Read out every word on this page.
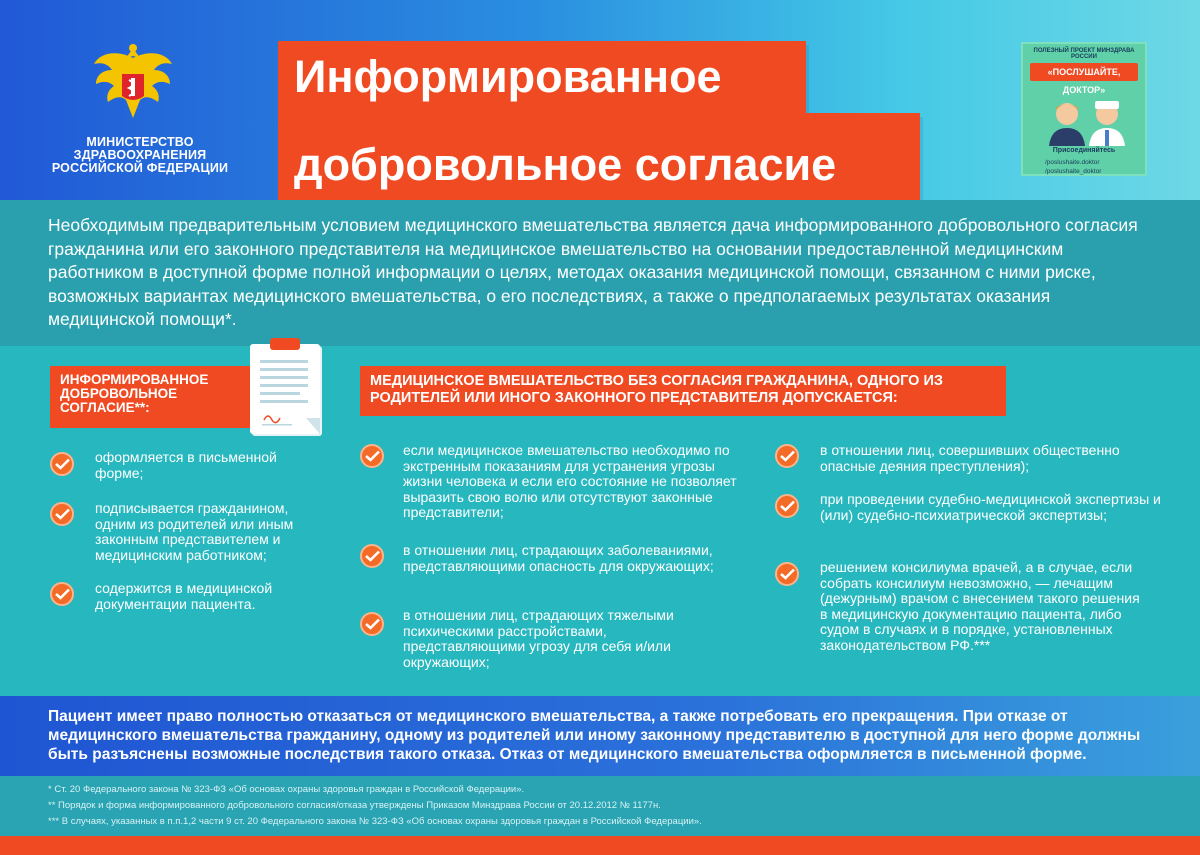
МИНИСТЕРСТВО
ЗДРАВООХРАНЕНИЯ
РОССИЙСКОЙ ФЕДЕРАЦИИ
Информированное
добровольное согласие
ПОЛЕЗНЫЙ ПРОЕКТ МИНЗДРАВА РОССИИ
«ПОСЛУШАЙТЕ, ДОКТОР»
Присоединяйтесь
/poslushaite.doktor
/poslushaite_doktor

Необходимым предварительным условием медицинского вмешательства является дача информированного добровольного согласия гражданина или его законного представителя на медицинское вмешательство на основании предоставленной медицинским работником в доступной форме полной информации о целях, методах оказания медицинской помощи, связанном с ними риске, возможных вариантах медицинского вмешательства, о его последствиях, а также о предполагаемых результатах оказания медицинской помощи*.

ИНФОРМИРОВАННОЕ ДОБРОВОЛЬНОЕ СОГЛАСИЕ**:
МЕДИЦИНСКОЕ ВМЕШАТЕЛЬСТВО БЕЗ СОГЛАСИЯ ГРАЖДАНИНА, ОДНОГО ИЗ РОДИТЕЛЕЙ ИЛИ ИНОГО ЗАКОННОГО ПРЕДСТАВИТЕЛЯ ДОПУСКАЕТСЯ:
оформляется в письменной форме;
подписывается гражданином, одним из родителей или иным законным представителем и медицинским работником;
содержится в медицинской документации пациента.
если медицинское вмешательство необходимо по экстренным показаниям для устранения угрозы жизни человека и если его состояние не позволяет выразить свою волю или отсутствуют законные представители;
в отношении лиц, страдающих заболеваниями, представляющими опасность для окружающих;
в отношении лиц, страдающих тяжелыми психическими расстройствами, представляющими угрозу для себя и/или окружающих;
в отношении лиц, совершивших общественно опасные деяния преступления);
при проведении судебно-медицинской экспертизы и (или) судебно-психиатрической экспертизы;
решением консилиума врачей, а в случае, если собрать консилиум невозможно, — лечащим (дежурным) врачом с внесением такого решения в медицинскую документацию пациента, либо судом в случаях и в порядке, установленных законодательством РФ.***

Пациент имеет право полностью отказаться от медицинского вмешательства, а также потребовать его прекращения. При отказе от медицинского вмешательства гражданину, одному из родителей или иному законному представителю в доступной для него форме должны быть разъяснены возможные последствия такого отказа. Отказ от медицинского вмешательства оформляется в письменной форме.

* Ст. 20 Федерального закона № 323-ФЗ «Об основах охраны здоровья граждан в Российской Федерации».
** Порядок и форма информированного добровольного согласия/отказа утверждены Приказом Минздрава России от 20.12.2012 № 1177н.
*** В случаях, указанных в п.п.1,2 части 9 ст. 20 Федерального закона № 323-ФЗ «Об основах охраны здоровья граждан в Российской Федерации».
